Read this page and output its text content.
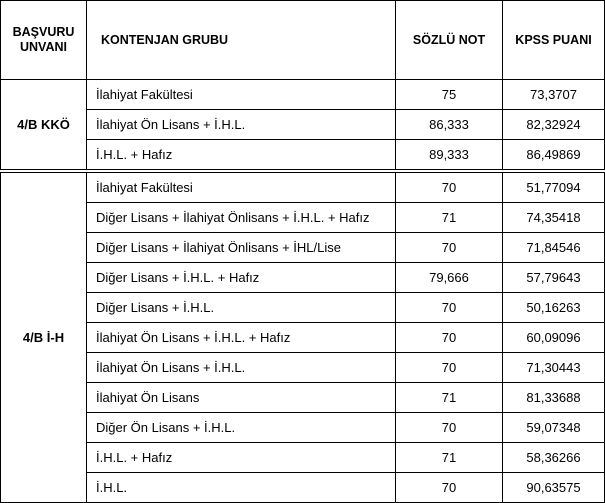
BAŞVURU
UNVANI	KONTENJAN GRUBU	SÖZLÜ NOT	KPSS PUANI
4/B KKÖ	İlahiyat Fakültesi	75	73,3707
	İlahiyat Ön Lisans + İ.H.L.	86,333	82,32924
	İ.H.L. + Hafız	89,333	86,49869

4/B İ-H	İlahiyat Fakültesi	70	51,77094
	Diğer Lisans + İlahiyat Önlisans + İ.H.L. + Hafız	71	74,35418
	Diğer Lisans + İlahiyat Önlisans + İHL/Lise	70	71,84546
	Diğer Lisans + İ.H.L. + Hafız	79,666	57,79643
	Diğer Lisans + İ.H.L.	70	50,16263
	İlahiyat Ön Lisans + İ.H.L. + Hafız	70	60,09096
	İlahiyat Ön Lisans + İ.H.L.	70	71,30443
	İlahiyat Ön Lisans	71	81,33688
	Diğer Ön Lisans + İ.H.L.	70	59,07348
	İ.H.L. + Hafız	71	58,36266
	İ.H.L.	70	90,63575
